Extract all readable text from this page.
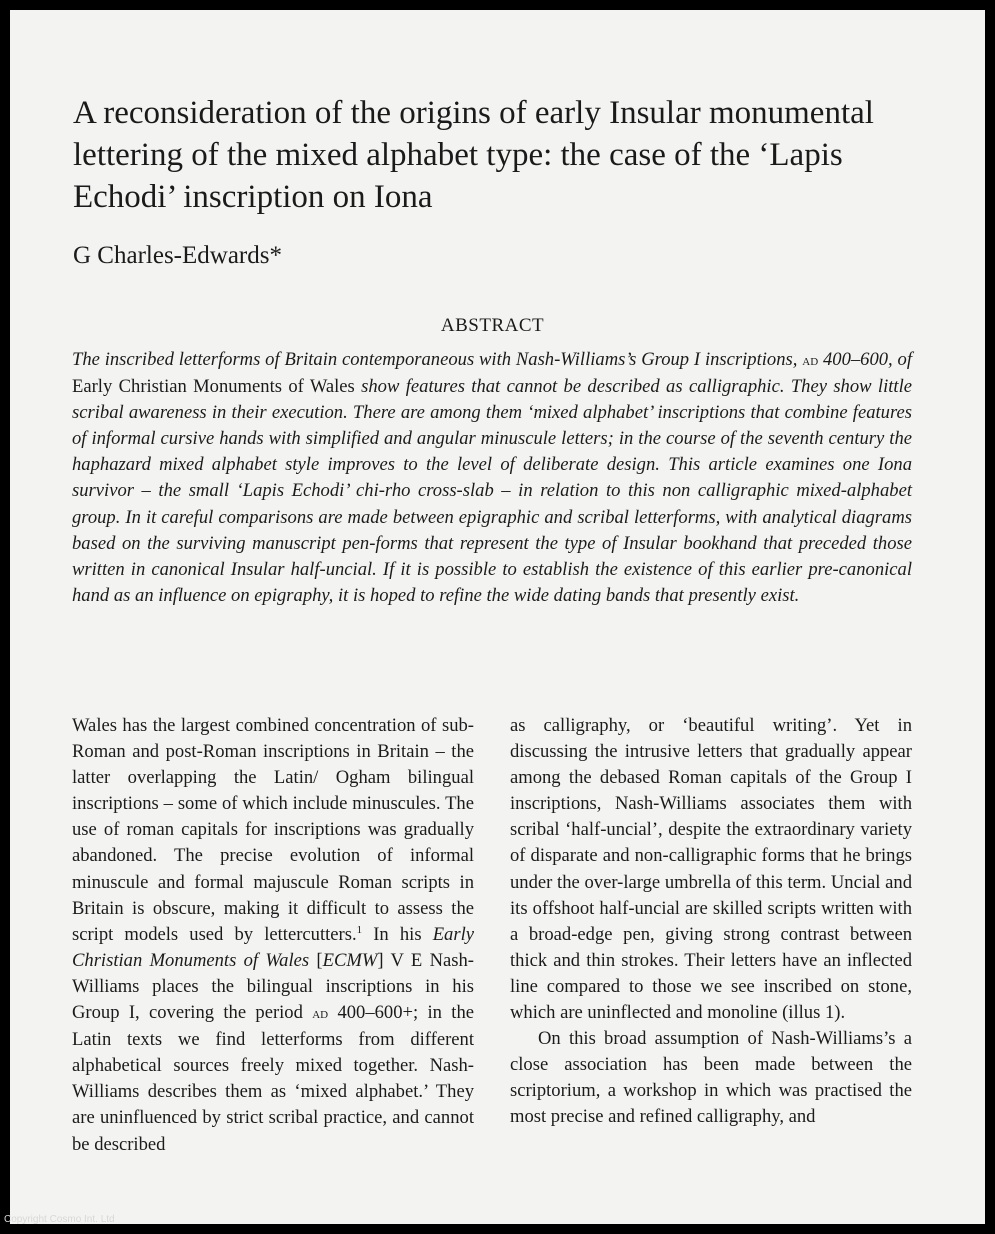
A reconsideration of the origins of early Insular monumental lettering of the mixed alphabet type: the case of the ‘Lapis Echodi’ inscription on Iona
G Charles-Edwards*
ABSTRACT

The inscribed letterforms of Britain contemporaneous with Nash-Williams’s Group I inscriptions, ad 400–600, of Early Christian Monuments of Wales show features that cannot be described as calligraphic. They show little scribal awareness in their execution. There are among them ‘mixed alphabet’ inscriptions that combine features of informal cursive hands with simplified and angular minuscule letters; in the course of the seventh century the haphazard mixed alphabet style improves to the level of deliberate design. This article examines one Iona survivor – the small ‘Lapis Echodi’ chi-rho cross-slab – in relation to this non calligraphic mixed-alphabet group. In it careful comparisons are made between epigraphic and scribal letterforms, with analytical diagrams based on the surviving manuscript pen-forms that represent the type of Insular bookhand that preceded those written in canonical Insular half-uncial. If it is possible to establish the existence of this earlier pre-canonical hand as an influence on epigraphy, it is hoped to refine the wide dating bands that presently exist.

Wales has the largest combined concentration of sub-Roman and post-Roman inscriptions in Britain – the latter overlapping the Latin/ Ogham bilingual inscriptions – some of which include minuscules. The use of roman capitals for inscriptions was gradually abandoned. The precise evolution of informal minuscule and formal majuscule Roman scripts in Britain is obscure, making it difficult to assess the script models used by lettercutters.$^1$ In his Early Christian Monuments of Wales [ECMW] V E Nash-Williams places the bilingual inscriptions in his Group I, covering the period ad 400–600+; in the Latin texts we find letterforms from different alphabetical sources freely mixed together. Nash-Williams describes them as ‘mixed alphabet.’ They are uninfluenced by strict scribal practice, and cannot be described

as calligraphy, or ‘beautiful writing’. Yet in discussing the intrusive letters that gradually appear among the debased Roman capitals of the Group I inscriptions, Nash-Williams associates them with scribal ‘half-uncial’, despite the extraordinary variety of disparate and non-calligraphic forms that he brings under the over-large umbrella of this term. Uncial and its offshoot half-uncial are skilled scripts written with a broad-edge pen, giving strong contrast between thick and thin strokes. Their letters have an inflected line compared to those we see inscribed on stone, which are uninflected and monoline (illus 1).

On this broad assumption of Nash-Williams’s a close association has been made between the scriptorium, a workshop in which was practised the most precise and refined calligraphy, and

Copyright Cosmo Int. Ltd
